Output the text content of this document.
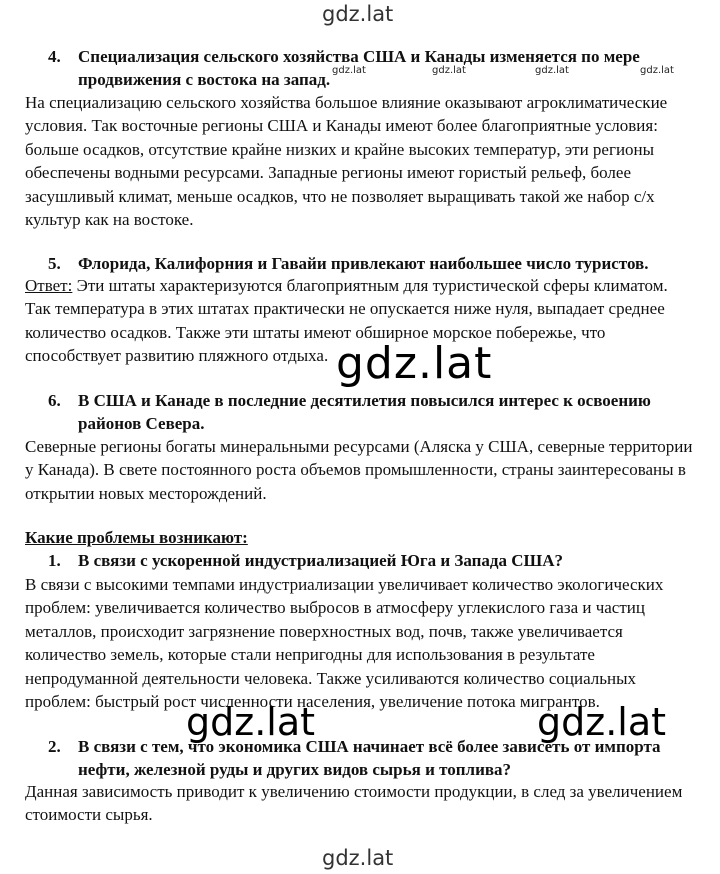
gdz.lat
gdz.lat	gdz.lat	gdz.lat	gdz.lat
4.	Специализация сельского хозяйства США и Канады изменяется по мере продвижения с востока на запад.
На специализацию сельского хозяйства большое влияние оказывают агроклиматические условия. Так восточные регионы США и Канады имеют более благоприятные условия: больше осадков, отсутствие крайне низких и крайне высоких температур, эти регионы обеспечены водными ресурсами. Западные регионы имеют гористый рельеф, более засушливый климат, меньше осадков, что не позволяет выращивать такой же набор с/х культур как на востоке.
5.	Флорида, Калифорния и Гавайи привлекают наибольшее число туристов.
Ответ: Эти штаты характеризуются благоприятным для туристической сферы климатом. Так температура в этих штатах практически не опускается ниже нуля, выпадает среднее количество осадков. Также эти штаты имеют обширное морское побережье, что способствует развитию пляжного отдыха. gdz.lat
6.	В США и Канаде в последние десятилетия повысился интерес к освоению районов Севера.
Северные регионы богаты минеральными ресурсами (Аляска у США, северные территории у Канада). В свете постоянного роста объемов промышленности, страны заинтересованы в открытии новых месторождений.
Какие проблемы возникают:
1.	В связи с ускоренной индустриализацией Юга и Запада США?
В связи с высокими темпами индустриализации увеличивает количество экологических проблем: увеличивается количество выбросов в атмосферу углекислого газа и частиц металлов, происходит загрязнение поверхностных вод, почв, также увеличивается количество земель, которые стали непригодны для использования в результате непродуманной деятельности человека. Также усиливаются количество социальных проблем: быстрый рост численности населения, увеличение потока мигрантов.
gdz.lat	gdz.lat
2.	В связи с тем, что экономика США начинает всё более зависеть от импорта нефти, железной руды и других видов сырья и топлива?
Данная зависимость приводит к увеличению стоимости продукции, в след за увеличением стоимости сырья.
gdz.lat
